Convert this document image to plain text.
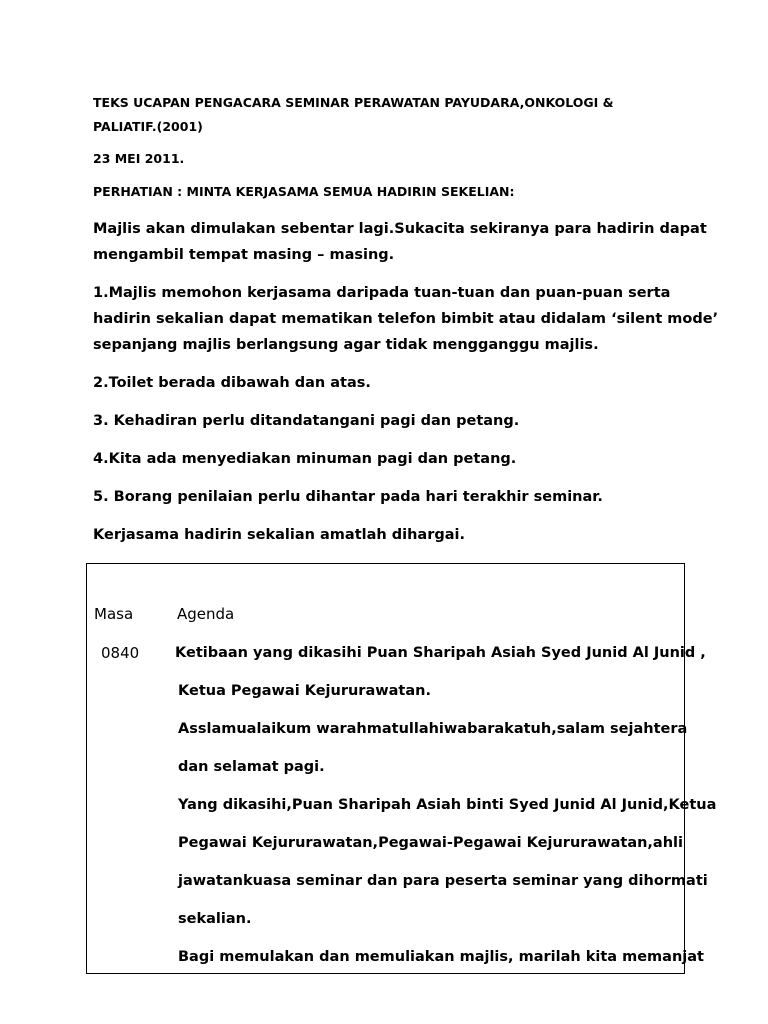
TEKS UCAPAN PENGACARA SEMINAR PERAWATAN PAYUDARA,ONKOLOGI &
PALIATIF.(2001)
23 MEI 2011.
PERHATIAN : MINTA KERJASAMA SEMUA HADIRIN SEKELIAN:
Majlis akan dimulakan sebentar lagi.Sukacita sekiranya para hadirin dapat
mengambil tempat masing – masing.
1.Majlis memohon kerjasama daripada tuan-tuan dan puan-puan serta
hadirin sekalian dapat mematikan telefon bimbit atau didalam ‘silent mode’
sepanjang majlis berlangsung agar tidak mengganggu majlis.
2.Toilet berada dibawah dan atas.
3. Kehadiran perlu ditandatangani pagi dan petang.
4.Kita ada menyediakan minuman pagi dan petang.
5. Borang penilaian perlu dihantar pada hari terakhir seminar.
Kerjasama hadirin sekalian amatlah dihargai.
Masa	Agenda
0840 Ketibaan yang dikasihi Puan Sharipah Asiah Syed Junid Al Junid ,
Ketua Pegawai Kejururawatan.
Asslamualaikum warahmatullahiwabarakatuh,salam sejahtera
dan selamat pagi.
Yang dikasihi,Puan Sharipah Asiah binti Syed Junid Al Junid,Ketua
Pegawai Kejururawatan,Pegawai-Pegawai Kejururawatan,ahli
jawatankuasa seminar dan para peserta seminar yang dihormati
sekalian.
Bagi memulakan dan memuliakan majlis, marilah kita memanjat
